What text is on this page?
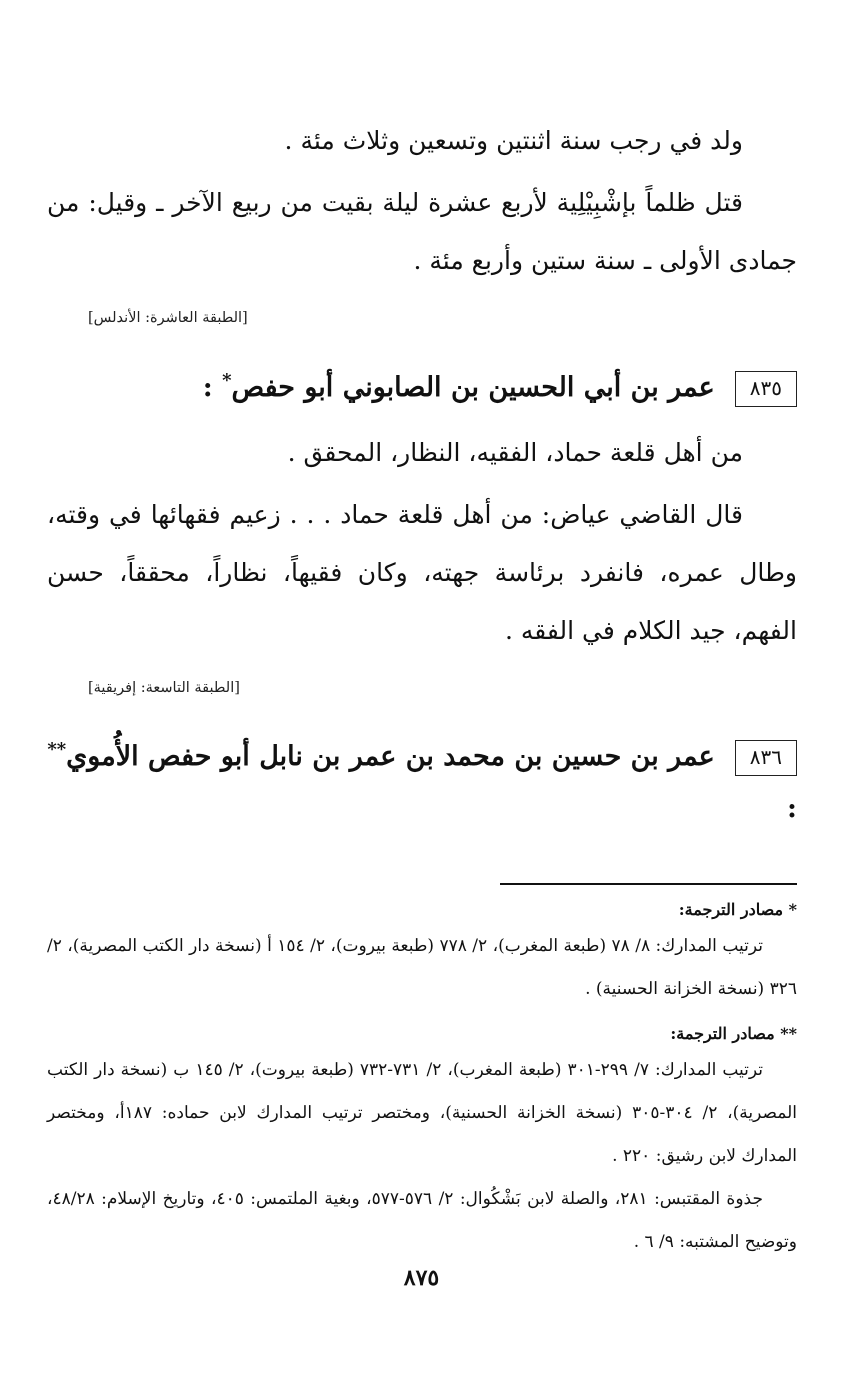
ولد في رجب سنة اثنتين وتسعين وثلاث مئة .
قتل ظلماً بإشْبِيْلِية لأربع عشرة ليلة بقيت من ربيع الآخر ـ وقيل: من جمادى الأولى ـ سنة ستين وأربع مئة .
[الطبقة العاشرة: الأندلس]
٨٣٥عمر بن أبي الحسين بن الصابوني أبو حفص* :
من أهل قلعة حماد، الفقيه، النظار، المحقق .
قال القاضي عياض: من أهل قلعة حماد . . . زعيم فقهائها في وقته، وطال عمره، فانفرد برئاسة جهته، وكان فقيهاً، نظاراً، محققاً، حسن الفهم، جيد الكلام في الفقه .
[الطبقة التاسعة: إفريقية]
٨٣٦عمر بن حسين بن محمد بن عمر بن نابل أبو حفص الأُموي** :
* مصادر الترجمة:
ترتيب المدارك: ٨/ ٧٨ (طبعة المغرب)، ٢/ ٧٧٨ (طبعة بيروت)، ٢/ ١٥٤ أ (نسخة دار الكتب المصرية)، ٢/ ٣٢٦ (نسخة الخزانة الحسنية) .
** مصادر الترجمة:
ترتيب المدارك: ٧/ ٢٩٩-٣٠١ (طبعة المغرب)، ٢/ ٧٣١-٧٣٢ (طبعة بيروت)، ٢/ ١٤٥ ب (نسخة دار الكتب المصرية)، ٢/ ٣٠٤-٣٠٥ (نسخة الخزانة الحسنية)، ومختصر ترتيب المدارك لابن حماده: ١٨٧أ، ومختصر المدارك لابن رشيق: ٢٢٠ .
جذوة المقتبس: ٢٨١، والصلة لابن بَشْكُوال: ٢/ ٥٧٦-٥٧٧، وبغية الملتمس: ٤٠٥، وتاريخ الإسلام: ٤٨/٢٨، وتوضيح المشتبه: ٩/ ٦ .
٨٧٥
